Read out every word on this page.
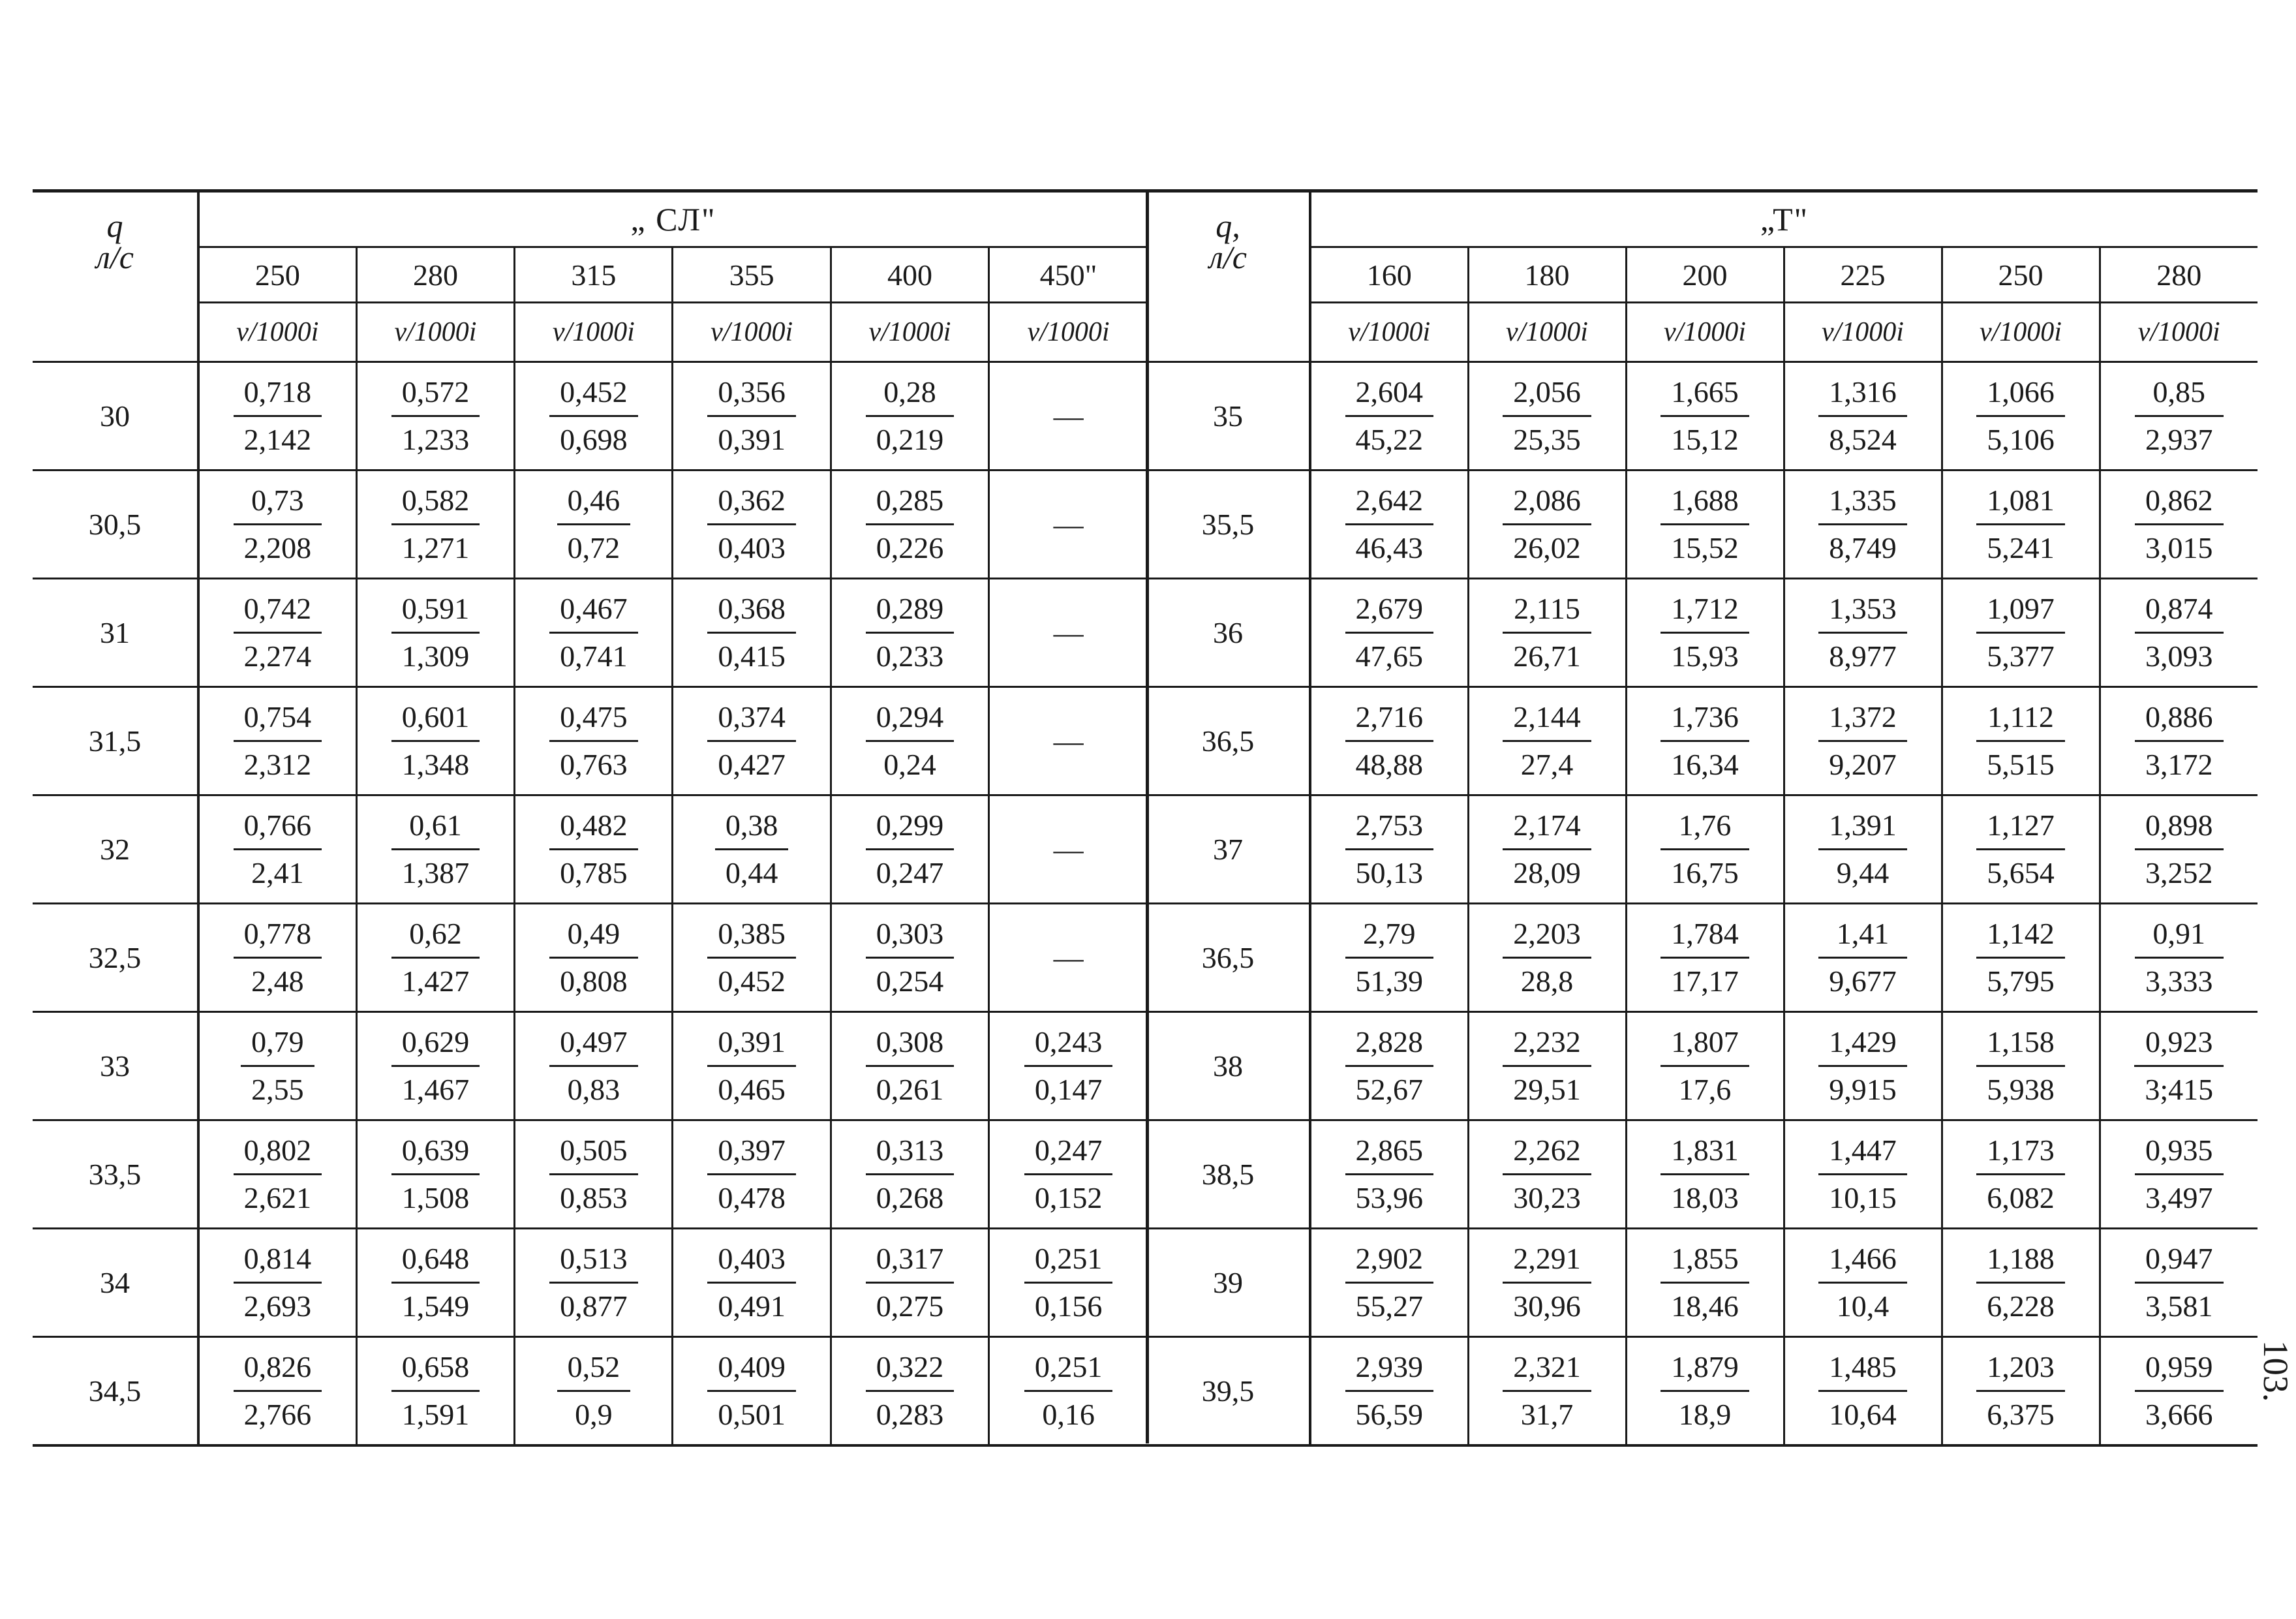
q
л/с	„ СЛ"					
	250	280	315	355	400	450"
	v/1000i	v/1000i	v/1000i	v/1000i	v/1000i	v/1000i
30	$\frac{0,718}{2,142}$	$\frac{0,572}{1,233}$	$\frac{0,452}{0,698}$	$\frac{0,356}{0,391}$	$\frac{0,28}{0,219}$	—
30,5	$\frac{0,73}{2,208}$	$\frac{0,582}{1,271}$	$\frac{0,46}{0,72}$	$\frac{0,362}{0,403}$	$\frac{0,285}{0,226}$	—
31	$\frac{0,742}{2,274}$	$\frac{0,591}{1,309}$	$\frac{0,467}{0,741}$	$\frac{0,368}{0,415}$	$\frac{0,289}{0,233}$	—
31,5	$\frac{0,754}{2,312}$	$\frac{0,601}{1,348}$	$\frac{0,475}{0,763}$	$\frac{0,374}{0,427}$	$\frac{0,294}{0,24}$	—
32	$\frac{0,766}{2,41}$	$\frac{0,61}{1,387}$	$\frac{0,482}{0,785}$	$\frac{0,38}{0,44}$	$\frac{0,299}{0,247}$	—
32,5	$\frac{0,778}{2,48}$	$\frac{0,62}{1,427}$	$\frac{0,49}{0,808}$	$\frac{0,385}{0,452}$	$\frac{0,303}{0,254}$	—
33	$\frac{0,79}{2,55}$	$\frac{0,629}{1,467}$	$\frac{0,497}{0,83}$	$\frac{0,391}{0,465}$	$\frac{0,308}{0,261}$	$\frac{0,243}{0,147}$

33,5	$\frac{0,802}{2,621}$	$\frac{0,639}{1,508}$	$\frac{0,505}{0,853}$	$\frac{0,397}{0,478}$	$\frac{0,313}{0,268}$	$\frac{0,247}{0,152}$

34	$\frac{0,814}{2,693}$	$\frac{0,648}{1,549}$	$\frac{0,513}{0,877}$	$\frac{0,403}{0,491}$	$\frac{0,317}{0,275}$	$\frac{0,251}{0,156}$

34,5	$\frac{0,826}{2,766}$	$\frac{0,658}{1,591}$	$\frac{0,52}{0,9}$	$\frac{0,409}{0,501}$	$\frac{0,322}{0,283}$	$\frac{0,251}{0,16}$
q,
л/с	„Т"					
	160	180	200	225	250	280
	v/1000i	v/1000i	v/1000i	v/1000i	v/1000i	v/1000i
35	$\frac{2,604}{45,22}$	$\frac{2,056}{25,35}$	$\frac{1,665}{15,12}$	$\frac{1,316}{8,524}$	$\frac{1,066}{5,106}$	$\frac{0,85}{2,937}$

35,5	$\frac{2,642}{46,43}$	$\frac{2,086}{26,02}$	$\frac{1,688}{15,52}$	$\frac{1,335}{8,749}$	$\frac{1,081}{5,241}$	$\frac{0,862}{3,015}$

36	$\frac{2,679}{47,65}$	$\frac{2,115}{26,71}$	$\frac{1,712}{15,93}$	$\frac{1,353}{8,977}$	$\frac{1,097}{5,377}$	$\frac{0,874}{3,093}$

36,5	$\frac{2,716}{48,88}$	$\frac{2,144}{27,4}$	$\frac{1,736}{16,34}$	$\frac{1,372}{9,207}$	$\frac{1,112}{5,515}$	$\frac{0,886}{3,172}$

37	$\frac{2,753}{50,13}$	$\frac{2,174}{28,09}$	$\frac{1,76}{16,75}$	$\frac{1,391}{9,44}$	$\frac{1,127}{5,654}$	$\frac{0,898}{3,252}$

36,5	$\frac{2,79}{51,39}$	$\frac{2,203}{28,8}$	$\frac{1,784}{17,17}$	$\frac{1,41}{9,677}$	$\frac{1,142}{5,795}$	$\frac{0,91}{3,333}$

38	$\frac{2,828}{52,67}$	$\frac{2,232}{29,51}$	$\frac{1,807}{17,6}$	$\frac{1,429}{9,915}$	$\frac{1,158}{5,938}$	$\frac{0,923}{3;415}$

38,5	$\frac{2,865}{53,96}$	$\frac{2,262}{30,23}$	$\frac{1,831}{18,03}$	$\frac{1,447}{10,15}$	$\frac{1,173}{6,082}$	$\frac{0,935}{3,497}$

39	$\frac{2,902}{55,27}$	$\frac{2,291}{30,96}$	$\frac{1,855}{18,46}$	$\frac{1,466}{10,4}$	$\frac{1,188}{6,228}$	$\frac{0,947}{3,581}$

39,5	$\frac{2,939}{56,59}$	$\frac{2,321}{31,7}$	$\frac{1,879}{18,9}$	$\frac{1,485}{10,64}$	$\frac{1,203}{6,375}$	$\frac{0,959}{3,666} 103$.
